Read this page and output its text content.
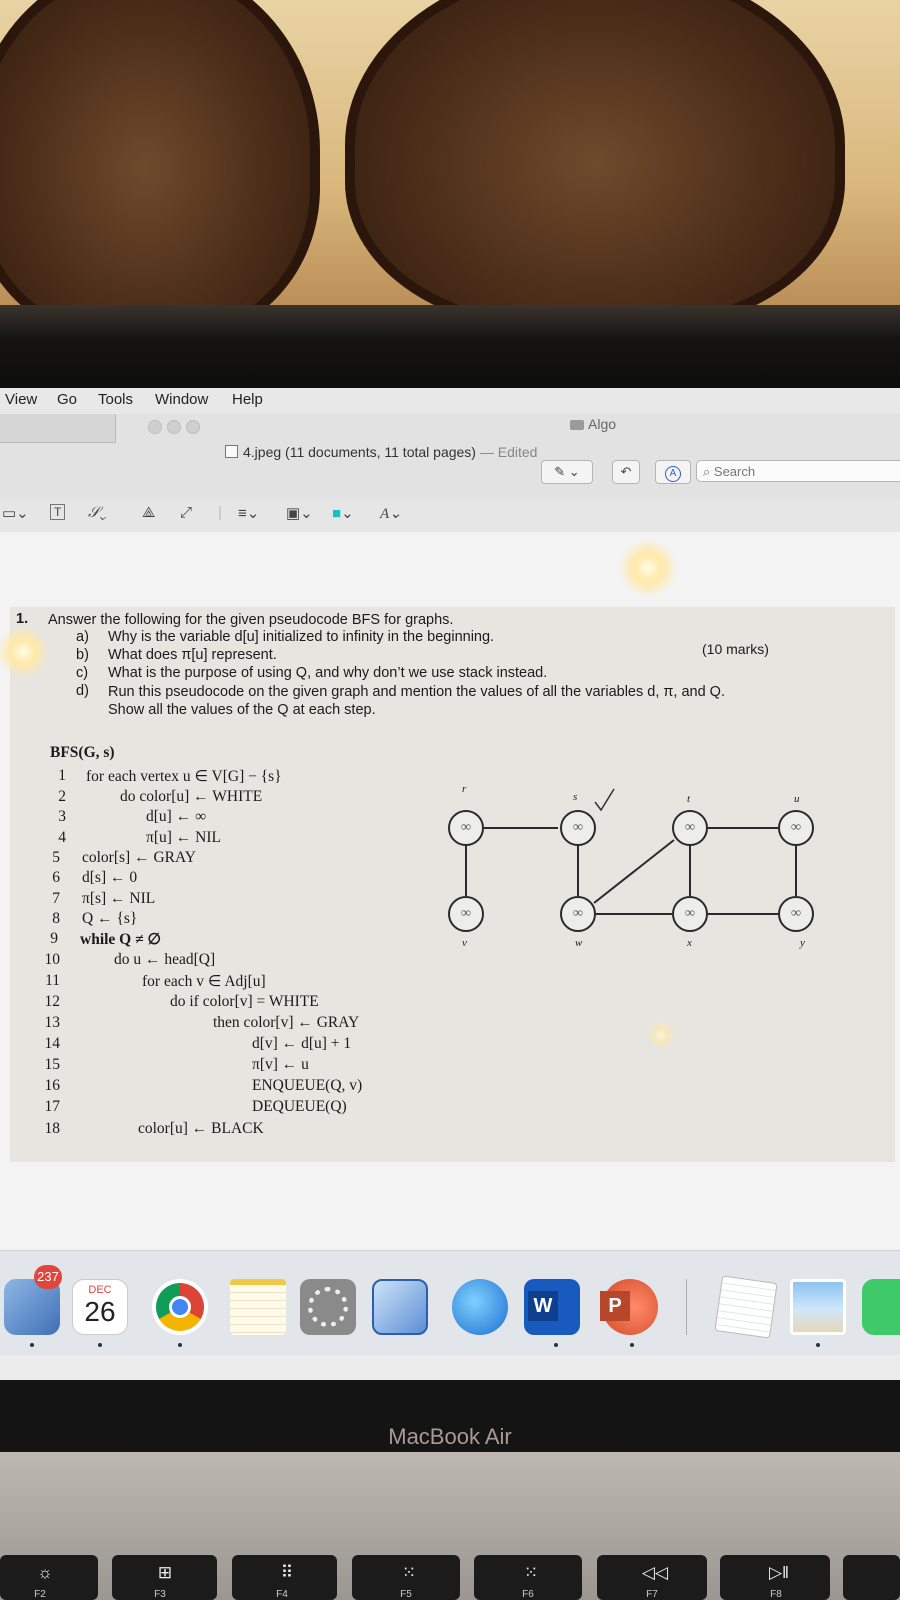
View Go Tools Window Help
Algo
4.jpeg (11 documents, 11 total pages) — Edited
✎ ⌄	↶	A	⌕ Search
▭⌄	T 𝒮⌄ ⟁ ⤢ | ≡⌄ ▣⌄ ■⌄ A⌄
1. Answer the following for the given pseudocode BFS for graphs.
(10 marks)
a) Why is the variable d[u] initialized to infinity in the beginning.
b) What does π[u] represent.
c) What is the purpose of using Q, and why don’t we use stack instead.
d) Run this pseudocode on the given graph and mention the values of all the variables d, π, and Q.
Show all the values of the Q at each step.
BFS(G, s)
1 for each vertex u ∈ V[G] − {s}
2	do color[u] ← WHITE
3	d[u] ← ∞
4	π[u] ← NIL
5 color[s] ← GRAY
6 d[s] ← 0
7 π[s] ← NIL
8 Q ← {s}
9 while Q ≠ ∅
10	do u ← head[Q]
11	for each v ∈ Adj[u]
12	do if color[v] = WHITE
13	then color[v] ← GRAY
14	d[v] ← d[u] + 1
15	π[v] ← u
16	ENQUEUE(Q, v)
17	DEQUEUE(Q)
18	color[u] ← BLACK
∞	∞	∞	∞
∞	∞	∞	∞
r
s	t	u
v	w	x	y
237
DEC
26	W	P
MacBook Air
☼
F2
⊞
F3
⠿
F4
⁙
F5
⁙
F6
◁◁
F7
▷ǁ
F8
